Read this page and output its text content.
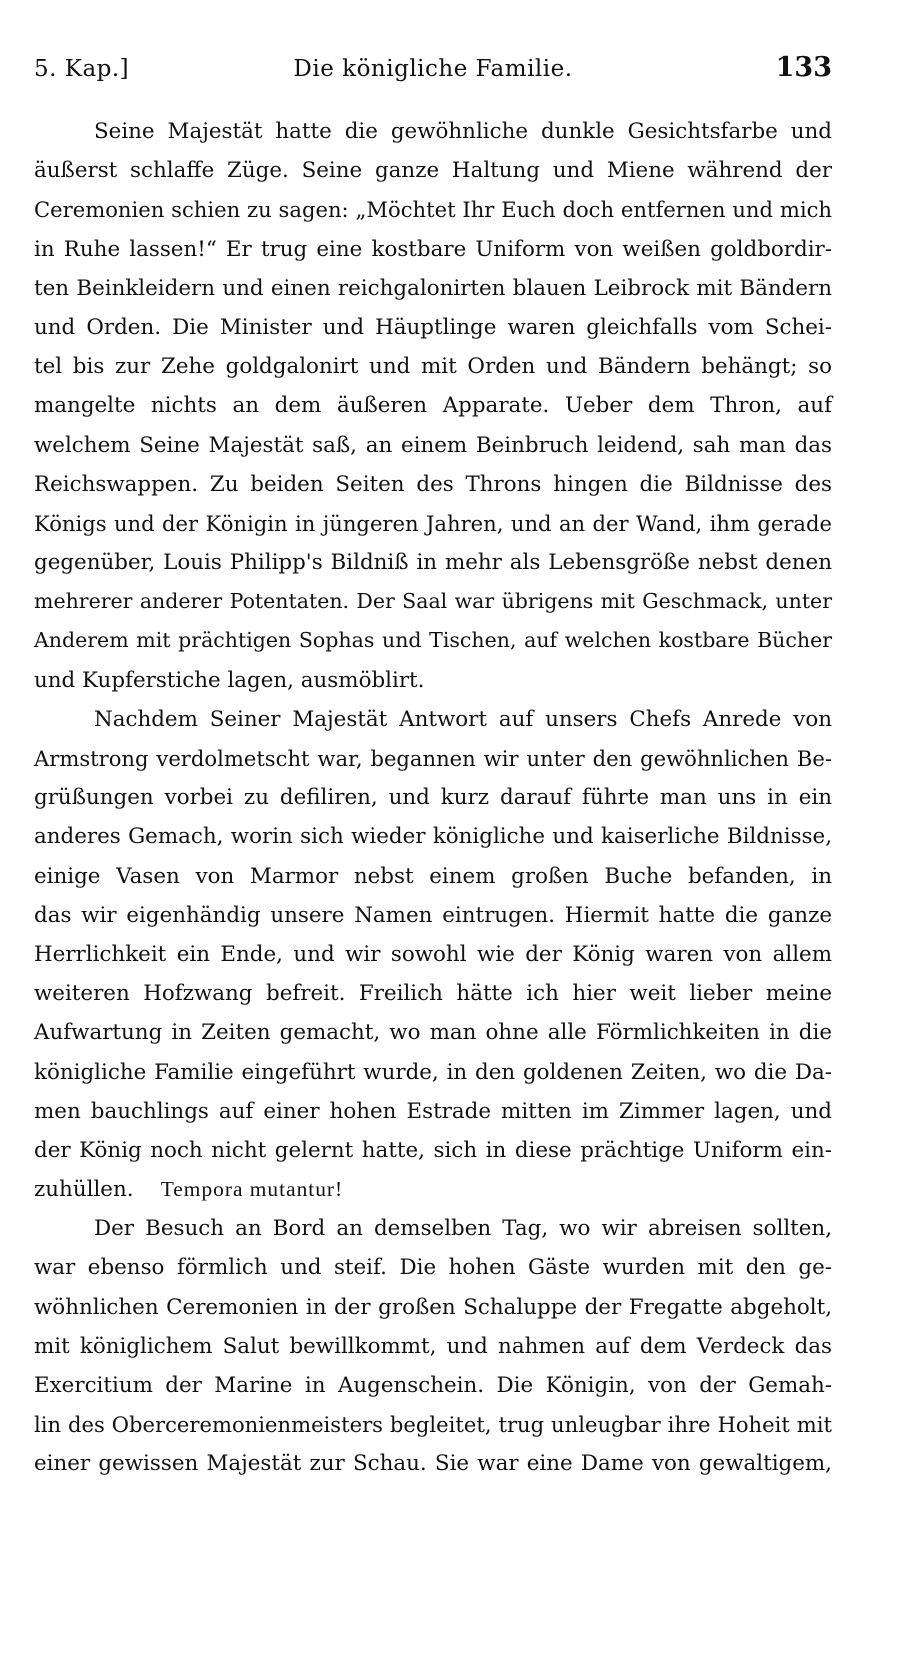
5. Kap.]	Die königliche Familie.	133
Seine Majestät hatte die gewöhnliche dunkle Gesichtsfarbe und
äußerst schlaffe Züge. Seine ganze Haltung und Miene während der
Ceremonien schien zu sagen: „Möchtet Ihr Euch doch entfernen und mich
in Ruhe lassen!“ Er trug eine kostbare Uniform von weißen goldbordir-
ten Beinkleidern und einen reichgalonirten blauen Leibrock mit Bändern
und Orden. Die Minister und Häuptlinge waren gleichfalls vom Schei-
tel bis zur Zehe goldgalonirt und mit Orden und Bändern behängt; so
mangelte nichts an dem äußeren Apparate. Ueber dem Thron, auf
welchem Seine Majestät saß, an einem Beinbruch leidend, sah man das
Reichswappen. Zu beiden Seiten des Throns hingen die Bildnisse des
Königs und der Königin in jüngeren Jahren, und an der Wand, ihm gerade
gegenüber, Louis Philipp's Bildniß in mehr als Lebensgröße nebst denen
mehrerer anderer Potentaten. Der Saal war übrigens mit Geschmack, unter
Anderem mit prächtigen Sophas und Tischen, auf welchen kostbare Bücher
und Kupferstiche lagen, ausmöblirt.
Nachdem Seiner Majestät Antwort auf unsers Chefs Anrede von
Armstrong verdolmetscht war, begannen wir unter den gewöhnlichen Be-
grüßungen vorbei zu defiliren, und kurz darauf führte man uns in ein
anderes Gemach, worin sich wieder königliche und kaiserliche Bildnisse,
einige Vasen von Marmor nebst einem großen Buche befanden, in
das wir eigenhändig unsere Namen eintrugen. Hiermit hatte die ganze
Herrlichkeit ein Ende, und wir sowohl wie der König waren von allem
weiteren Hofzwang befreit. Freilich hätte ich hier weit lieber meine
Aufwartung in Zeiten gemacht, wo man ohne alle Förmlichkeiten in die
königliche Familie eingeführt wurde, in den goldenen Zeiten, wo die Da-
men bauchlings auf einer hohen Estrade mitten im Zimmer lagen, und
der König noch nicht gelernt hatte, sich in diese prächtige Uniform ein-
zuhüllen. Tempora mutantur!
Der Besuch an Bord an demselben Tag, wo wir abreisen sollten,
war ebenso förmlich und steif. Die hohen Gäste wurden mit den ge-
wöhnlichen Ceremonien in der großen Schaluppe der Fregatte abgeholt,
mit königlichem Salut bewillkommt, und nahmen auf dem Verdeck das
Exercitium der Marine in Augenschein. Die Königin, von der Gemah-
lin des Oberceremonienmeisters begleitet, trug unleugbar ihre Hoheit mit
einer gewissen Majestät zur Schau. Sie war eine Dame von gewaltigem,
